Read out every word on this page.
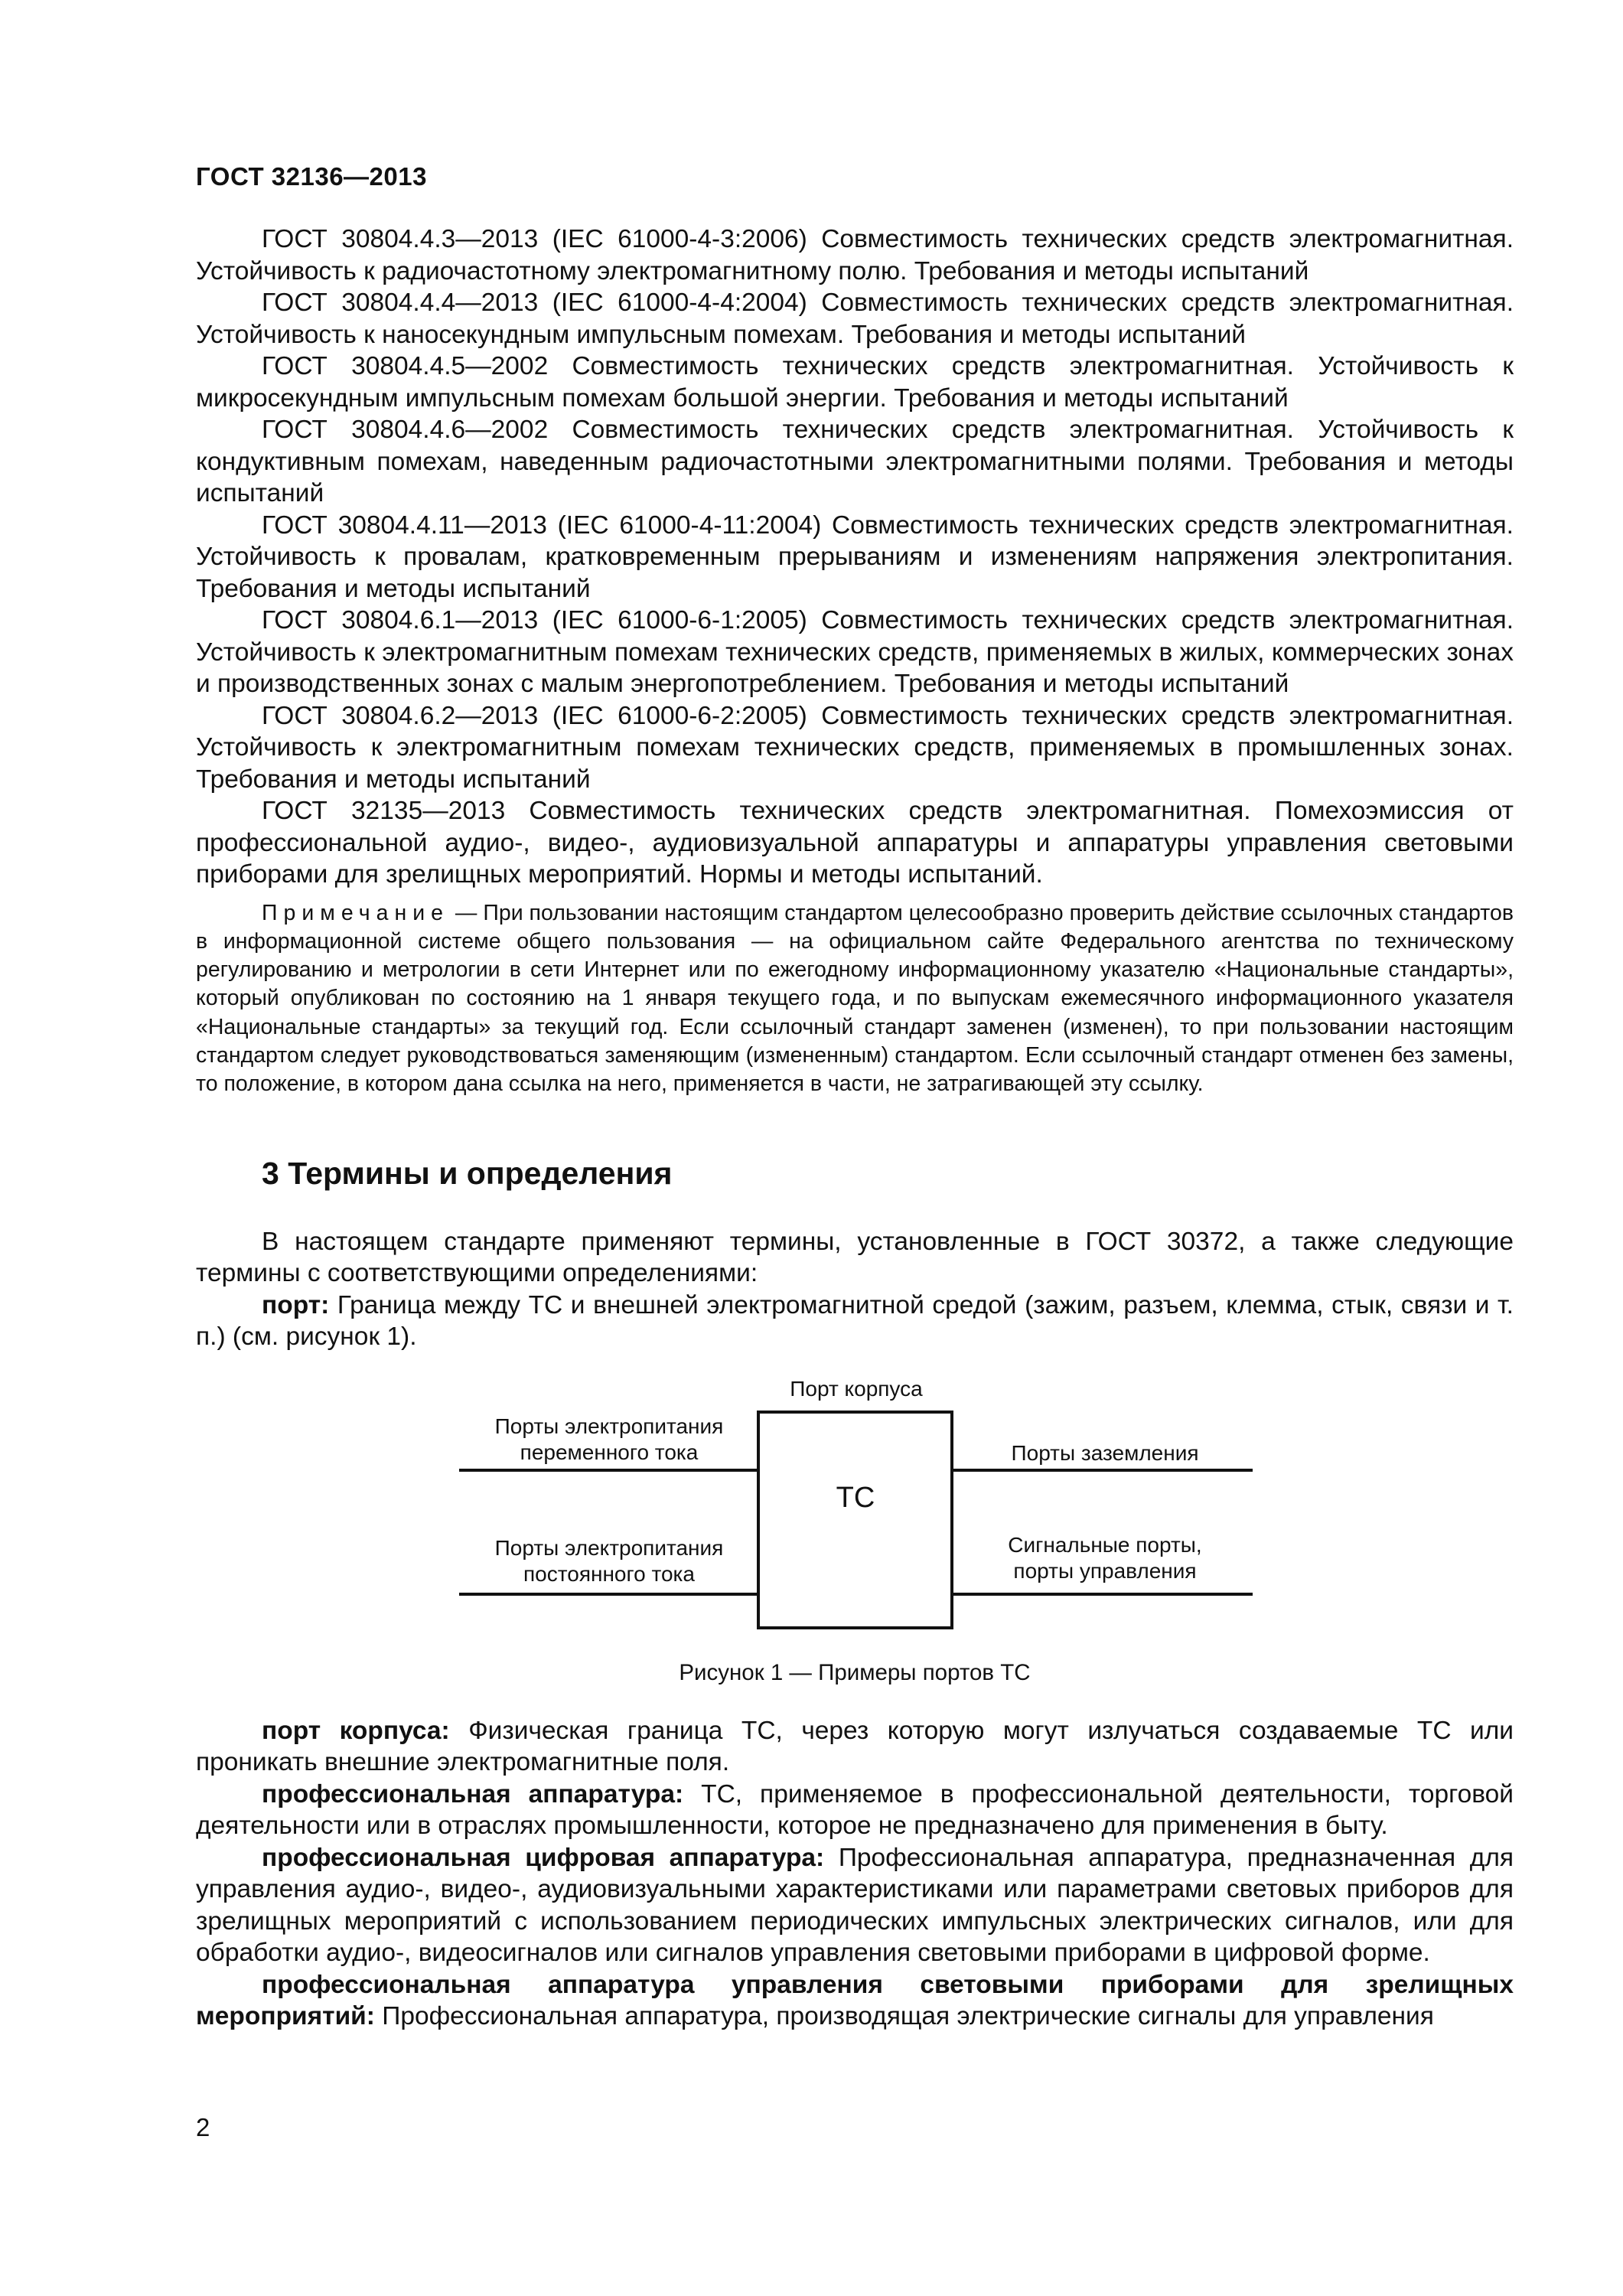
ГОСТ 32136—2013

ГОСТ 30804.4.3—2013 (IEC 61000-4-3:2006) Совместимость технических средств электромагнитная. Устойчивость к радиочастотному электромагнитному полю. Требования и методы испытаний

ГОСТ 30804.4.4—2013 (IEC 61000-4-4:2004) Совместимость технических средств электромагнитная. Устойчивость к наносекундным импульсным помехам. Требования и методы испытаний

ГОСТ 30804.4.5—2002 Совместимость технических средств электромагнитная. Устойчивость к микросекундным импульсным помехам большой энергии. Требования и методы испытаний

ГОСТ 30804.4.6—2002 Совместимость технических средств электромагнитная. Устойчивость к кондуктивным помехам, наведенным радиочастотными электромагнитными полями. Требования и методы испытаний

ГОСТ 30804.4.11—2013 (IEC 61000-4-11:2004) Совместимость технических средств электромагнитная. Устойчивость к провалам, кратковременным прерываниям и изменениям напряжения электропитания. Требования и методы испытаний

ГОСТ 30804.6.1—2013 (IEC 61000-6-1:2005) Совместимость технических средств электромагнитная. Устойчивость к электромагнитным помехам технических средств, применяемых в жилых, коммерческих зонах и производственных зонах с малым энергопотреблением. Требования и методы испытаний

ГОСТ 30804.6.2—2013 (IEC 61000-6-2:2005) Совместимость технических средств электромагнитная. Устойчивость к электромагнитным помехам технических средств, применяемых в промышленных зонах. Требования и методы испытаний

ГОСТ 32135—2013 Совместимость технических средств электромагнитная. Помехоэмиссия от профессиональной аудио-, видео-, аудиовизуальной аппаратуры и аппаратуры управления световыми приборами для зрелищных мероприятий. Нормы и методы испытаний.

Примечание — При пользовании настоящим стандартом целесообразно проверить действие ссылочных стандартов в информационной системе общего пользования — на официальном сайте Федерального агентства по техническому регулированию и метрологии в сети Интернет или по ежегодному информационному указателю «Национальные стандарты», который опубликован по состоянию на 1 января текущего года, и по выпускам ежемесячного информационного указателя «Национальные стандарты» за текущий год. Если ссылочный стандарт заменен (изменен), то при пользовании настоящим стандартом следует руководствоваться заменяющим (измененным) стандартом. Если ссылочный стандарт отменен без замены, то положение, в котором дана ссылка на него, применяется в части, не затрагивающей эту ссылку.

3 Термины и определения

В настоящем стандарте применяют термины, установленные в ГОСТ 30372, а также следующие термины с соответствующими определениями:

порт: Граница между ТС и внешней электромагнитной средой (зажим, разъем, клемма, стык, связи и т. п.) (см. рисунок 1).

Порт корпуса
Порты электропитания
переменного тока
Порты электропитания
постоянного тока
Порты заземления
Сигнальные порты,
порты управления
ТС
Рисунок 1 — Примеры портов ТС

порт корпуса: Физическая граница ТС, через которую могут излучаться создаваемые ТС или проникать внешние электромагнитные поля.

профессиональная аппаратура: ТС, применяемое в профессиональной деятельности, торговой деятельности или в отраслях промышленности, которое не предназначено для применения в быту.

профессиональная цифровая аппаратура: Профессиональная аппаратура, предназначенная для управления аудио-, видео-, аудиовизуальными характеристиками или параметрами световых приборов для зрелищных мероприятий с использованием периодических импульсных электрических сигналов, или для обработки аудио-, видеосигналов или сигналов управления световыми приборами в цифровой форме.

профессиональная аппаратура управления световыми приборами для зрелищных мероприятий: Профессиональная аппаратура, производящая электрические сигналы для управления

2
